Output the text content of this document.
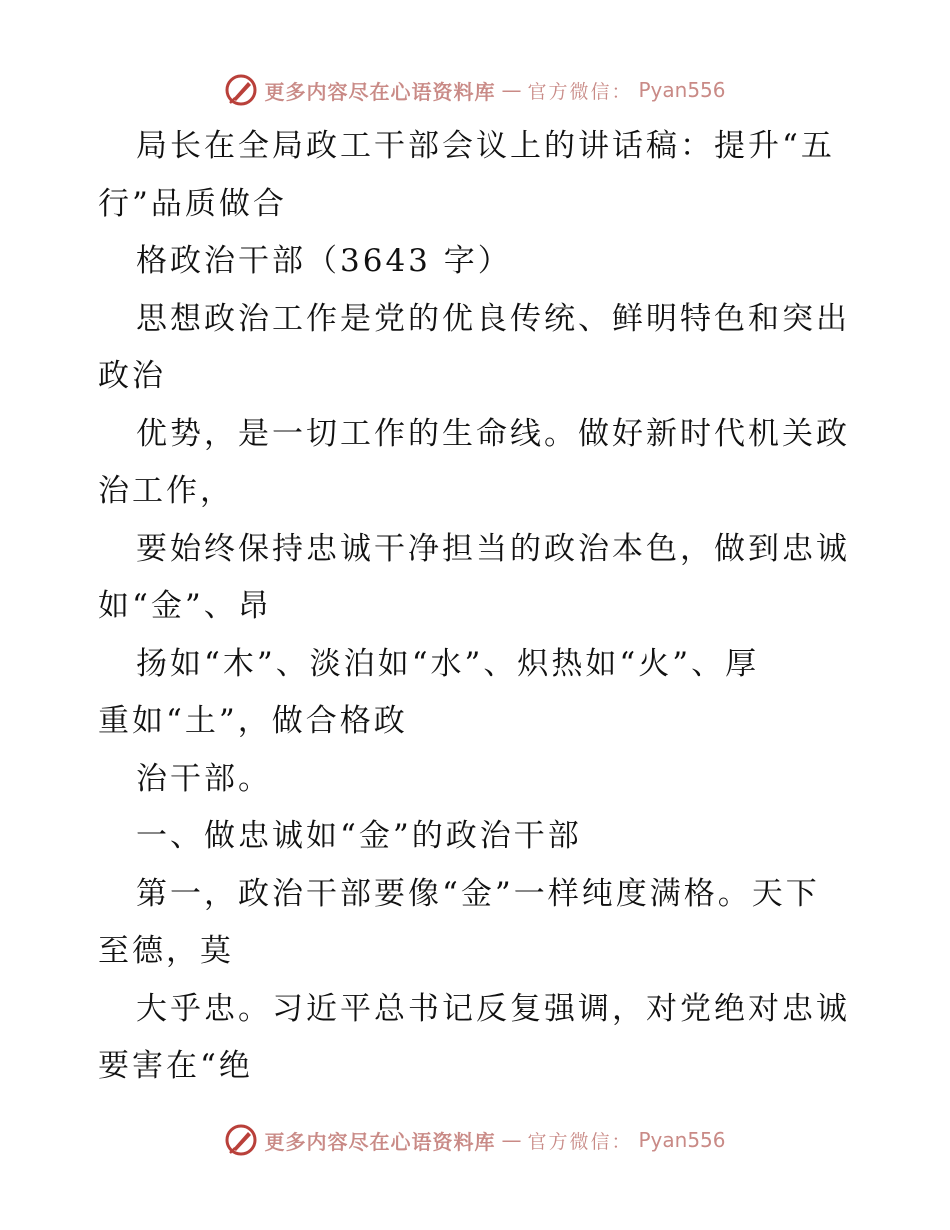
更多内容尽在心语资料库 — 官方微信： Pyan556
局长在全局政工干部会议上的讲话稿：提升“五
行”品质做合
格政治干部（3643 字）
思想政治工作是党的优良传统、鲜明特色和突出
政治
优势，是一切工作的生命线。做好新时代机关政
治工作，
要始终保持忠诚干净担当的政治本色，做到忠诚
如“金”、昂
扬如“木”、淡泊如“水”、炽热如“火”、厚
重如“土”，做合格政
治干部。
一、做忠诚如“金”的政治干部
第一，政治干部要像“金”一样纯度满格。天下
至德，莫
大乎忠。习近平总书记反复强调，对党绝对忠诚
要害在“绝
更多内容尽在心语资料库 — 官方微信： Pyan556
